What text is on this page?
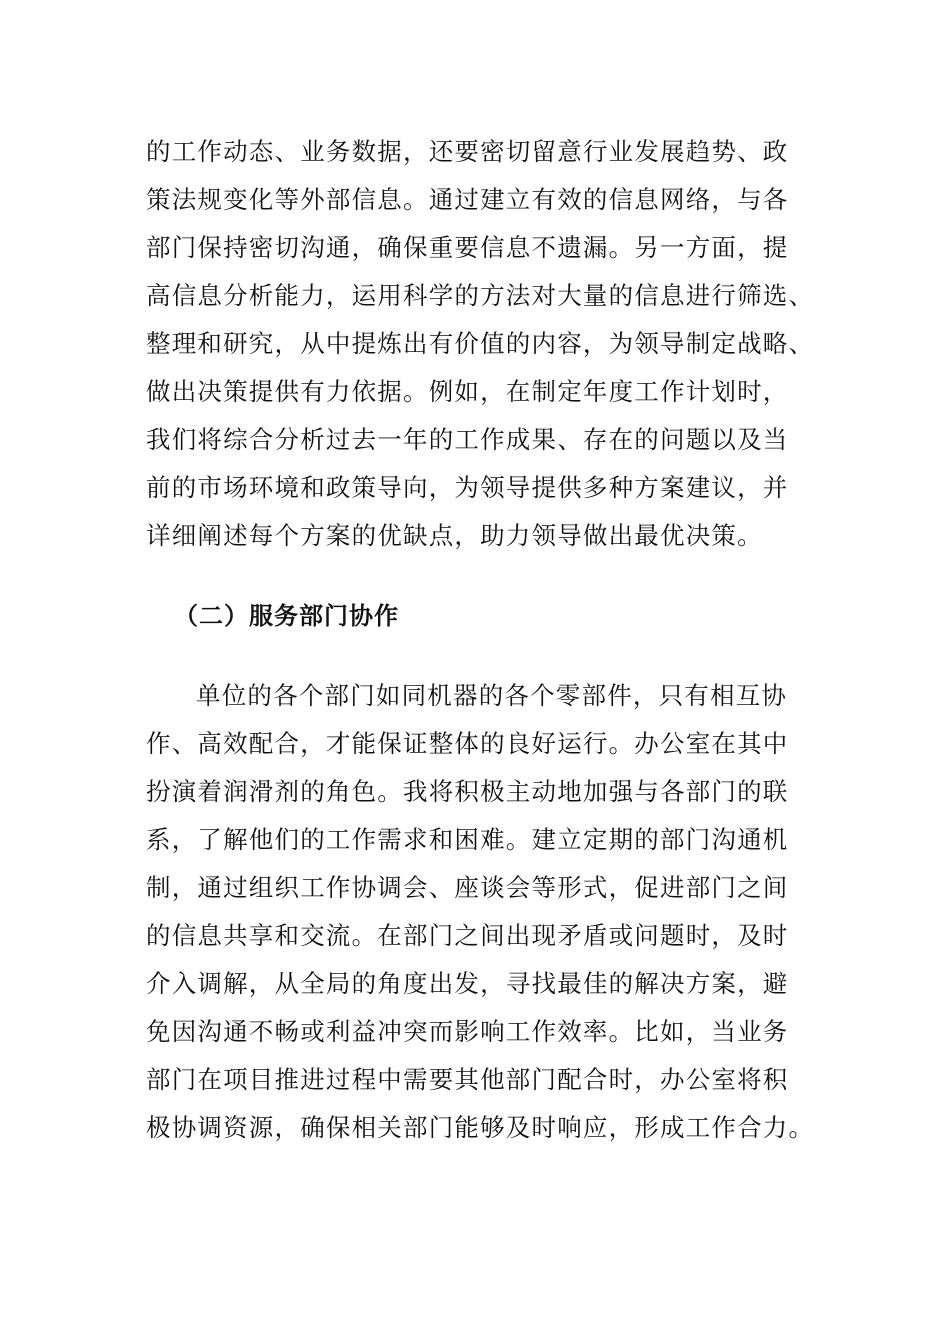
的工作动态、业务数据，还要密切留意行业发展趋势、政
策法规变化等外部信息。通过建立有效的信息网络，与各
部门保持密切沟通，确保重要信息不遗漏。另一方面，提
高信息分析能力，运用科学的方法对大量的信息进行筛选、
整理和研究，从中提炼出有价值的内容，为领导制定战略、
做出决策提供有力依据。例如，在制定年度工作计划时，
我们将综合分析过去一年的工作成果、存在的问题以及当
前的市场环境和政策导向，为领导提供多种方案建议，并
详细阐述每个方案的优缺点，助力领导做出最优决策。
（二）服务部门协作
单位的各个部门如同机器的各个零部件，只有相互协
作、高效配合，才能保证整体的良好运行。办公室在其中
扮演着润滑剂的角色。我将积极主动地加强与各部门的联
系，了解他们的工作需求和困难。建立定期的部门沟通机
制，通过组织工作协调会、座谈会等形式，促进部门之间
的信息共享和交流。在部门之间出现矛盾或问题时，及时
介入调解，从全局的角度出发，寻找最佳的解决方案，避
免因沟通不畅或利益冲突而影响工作效率。比如，当业务
部门在项目推进过程中需要其他部门配合时，办公室将积
极协调资源，确保相关部门能够及时响应，形成工作合力。
